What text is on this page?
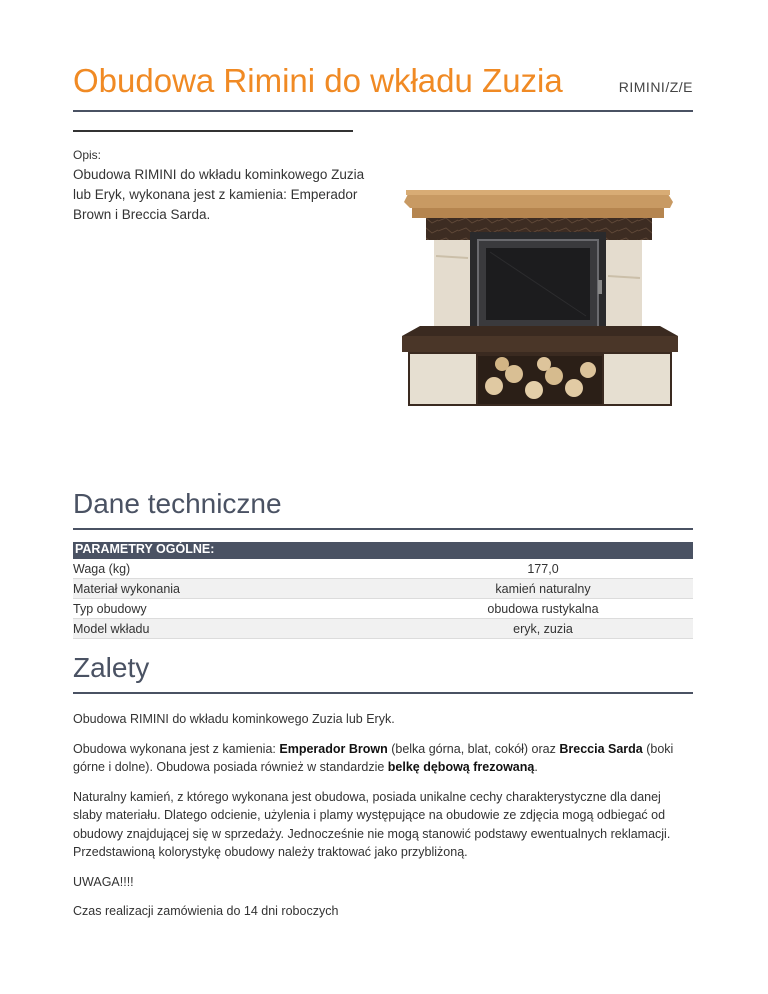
Obudowa Rimini do wkładu Zuzia	RIMINI/Z/E
Opis:
Obudowa RIMINI do wkładu kominkowego Zuzia lub Eryk, wykonana jest z kamienia: Emperador Brown i Breccia Sarda.
Dane techniczne
PARAMETRY OGÓLNE:
Waga (kg)	177,0
Materiał wykonania	kamień naturalny
Typ obudowy	obudowa rustykalna
Model wkładu	eryk, zuzia
Zalety

Obudowa RIMINI do wkładu kominkowego Zuzia lub Eryk.

Obudowa wykonana jest z kamienia: Emperador Brown (belka górna, blat, cokół) oraz Breccia Sarda (boki górne i dolne). Obudowa posiada również w standardzie belkę dębową frezowaną.

Naturalny kamień, z którego wykonana jest obudowa, posiada unikalne cechy charakterystyczne dla danej slaby materiału. Dlatego odcienie, użylenia i plamy występujące na obudowie ze zdjęcia mogą odbiegać od obudowy znajdującej się w sprzedaży. Jednocześnie nie mogą stanowić podstawy ewentualnych reklamacji. Przedstawioną kolorystykę obudowy należy traktować jako przybliżoną.

UWAGA!!!!

Czas realizacji zamówienia do 14 dni roboczych
